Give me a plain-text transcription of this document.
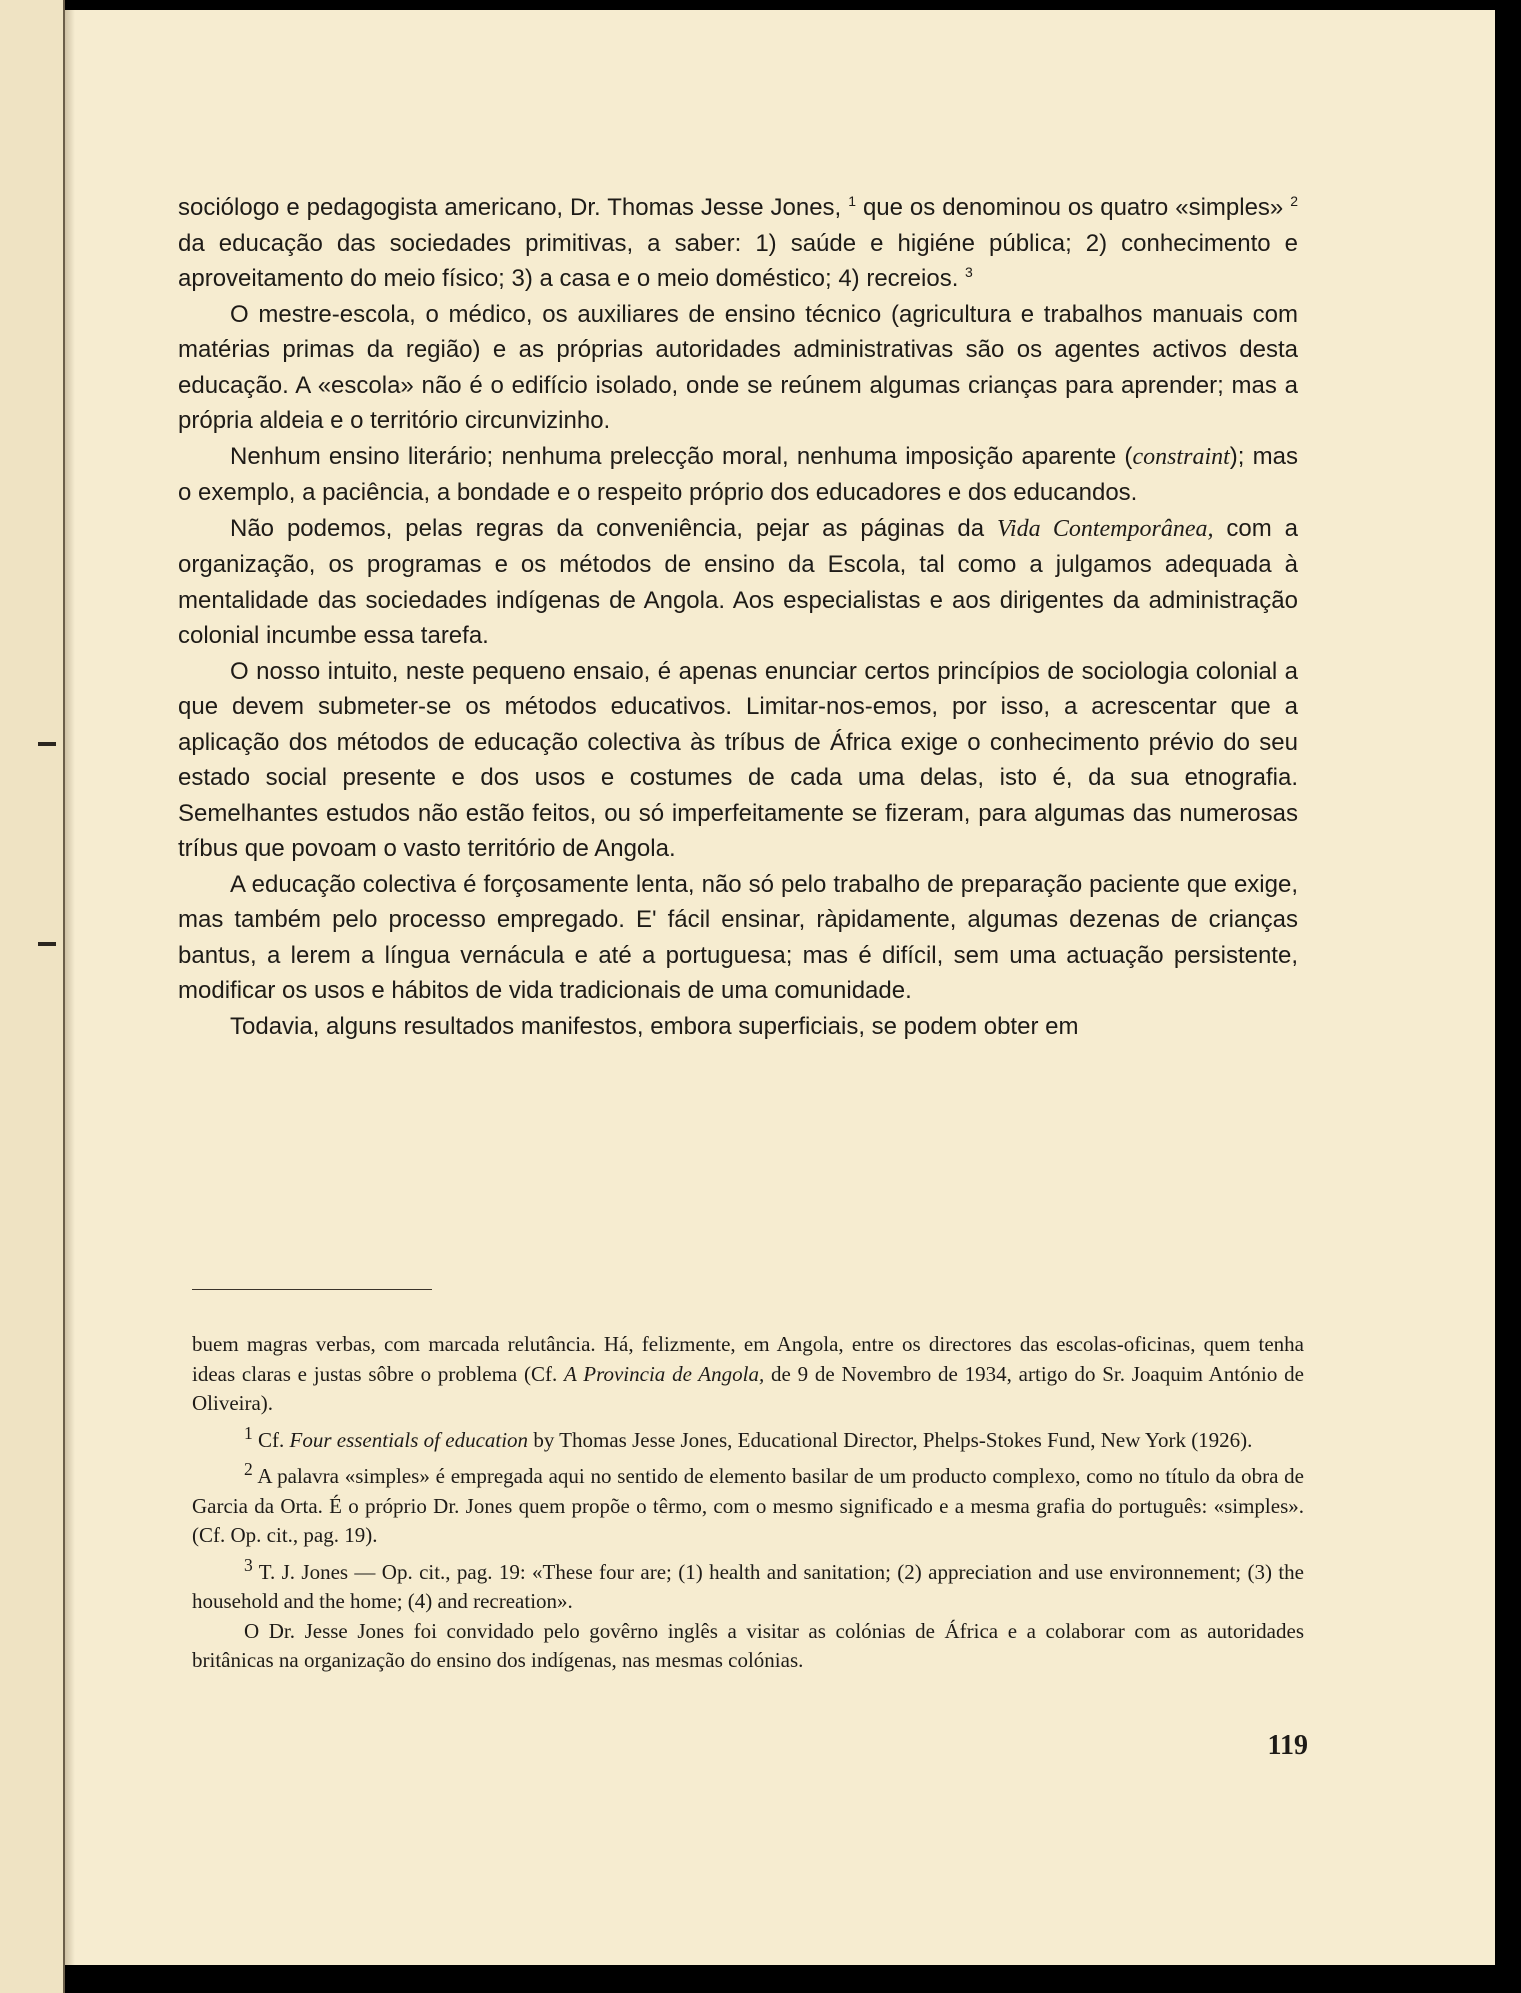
sociólogo e pedagogista americano, Dr. Thomas Jesse Jones, $^1$ que os denominou os quatro «simples» $^2$ da educação das sociedades primitivas, a saber: 1) saúde e higiéne pública; 2) conhecimento e aproveitamento do meio físico; 3) a casa e o meio doméstico; 4) recreios. $^3$

O mestre-escola, o médico, os auxiliares de ensino técnico (agricultura e trabalhos manuais com matérias primas da região) e as próprias autoridades administrativas são os agentes activos desta educação. A «escola» não é o edifício isolado, onde se reúnem algumas crianças para aprender; mas a própria aldeia e o território circunvizinho.

Nenhum ensino literário; nenhuma prelecção moral, nenhuma imposição aparente (constraint); mas o exemplo, a paciência, a bondade e o respeito próprio dos educadores e dos educandos.

Não podemos, pelas regras da conveniência, pejar as páginas da Vida Contemporânea, com a organização, os programas e os métodos de ensino da Escola, tal como a julgamos adequada à mentalidade das sociedades indígenas de Angola. Aos especialistas e aos dirigentes da administração colonial incumbe essa tarefa.

O nosso intuito, neste pequeno ensaio, é apenas enunciar certos princípios de sociologia colonial a que devem submeter-se os métodos educativos. Limitar-nos-emos, por isso, a acrescentar que a aplicação dos métodos de educação colectiva às tríbus de África exige o conhecimento prévio do seu estado social presente e dos usos e costumes de cada uma delas, isto é, da sua etnografia. Semelhantes estudos não estão feitos, ou só imperfeitamente se fizeram, para algumas das numerosas tríbus que povoam o vasto território de Angola.

A educação colectiva é forçosamente lenta, não só pelo trabalho de preparação paciente que exige, mas também pelo processo empregado. E' fácil ensinar, ràpidamente, algumas dezenas de crianças bantus, a lerem a língua vernácula e até a portuguesa; mas é difícil, sem uma actuação persistente, modificar os usos e hábitos de vida tradicionais de uma comunidade.

Todavia, alguns resultados manifestos, embora superficiais, se podem obter em

buem magras verbas, com marcada relutância. Há, felizmente, em Angola, entre os directores das escolas-oficinas, quem tenha ideas claras e justas sôbre o problema (Cf. A Provincia de Angola, de 9 de Novembro de 1934, artigo do Sr. Joaquim António de Oliveira).

$^1$ Cf. Four essentials of education by Thomas Jesse Jones, Educational Director, Phelps-Stokes Fund, New York (1926).

$^2$ A palavra «simples» é empregada aqui no sentido de elemento basilar de um producto complexo, como no título da obra de Garcia da Orta. É o próprio Dr. Jones quem propõe o têrmo, com o mesmo significado e a mesma grafia do português: «simples». (Cf. Op. cit., pag. 19).

$^3$ T. J. Jones — Op. cit., pag. 19: «These four are; (1) health and sanitation; (2) appreciation and use environnement; (3) the household and the home; (4) and recreation».

O Dr. Jesse Jones foi convidado pelo govêrno inglês a visitar as colónias de África e a colaborar com as autoridades britânicas na organização do ensino dos indígenas, nas mesmas colónias.

119
